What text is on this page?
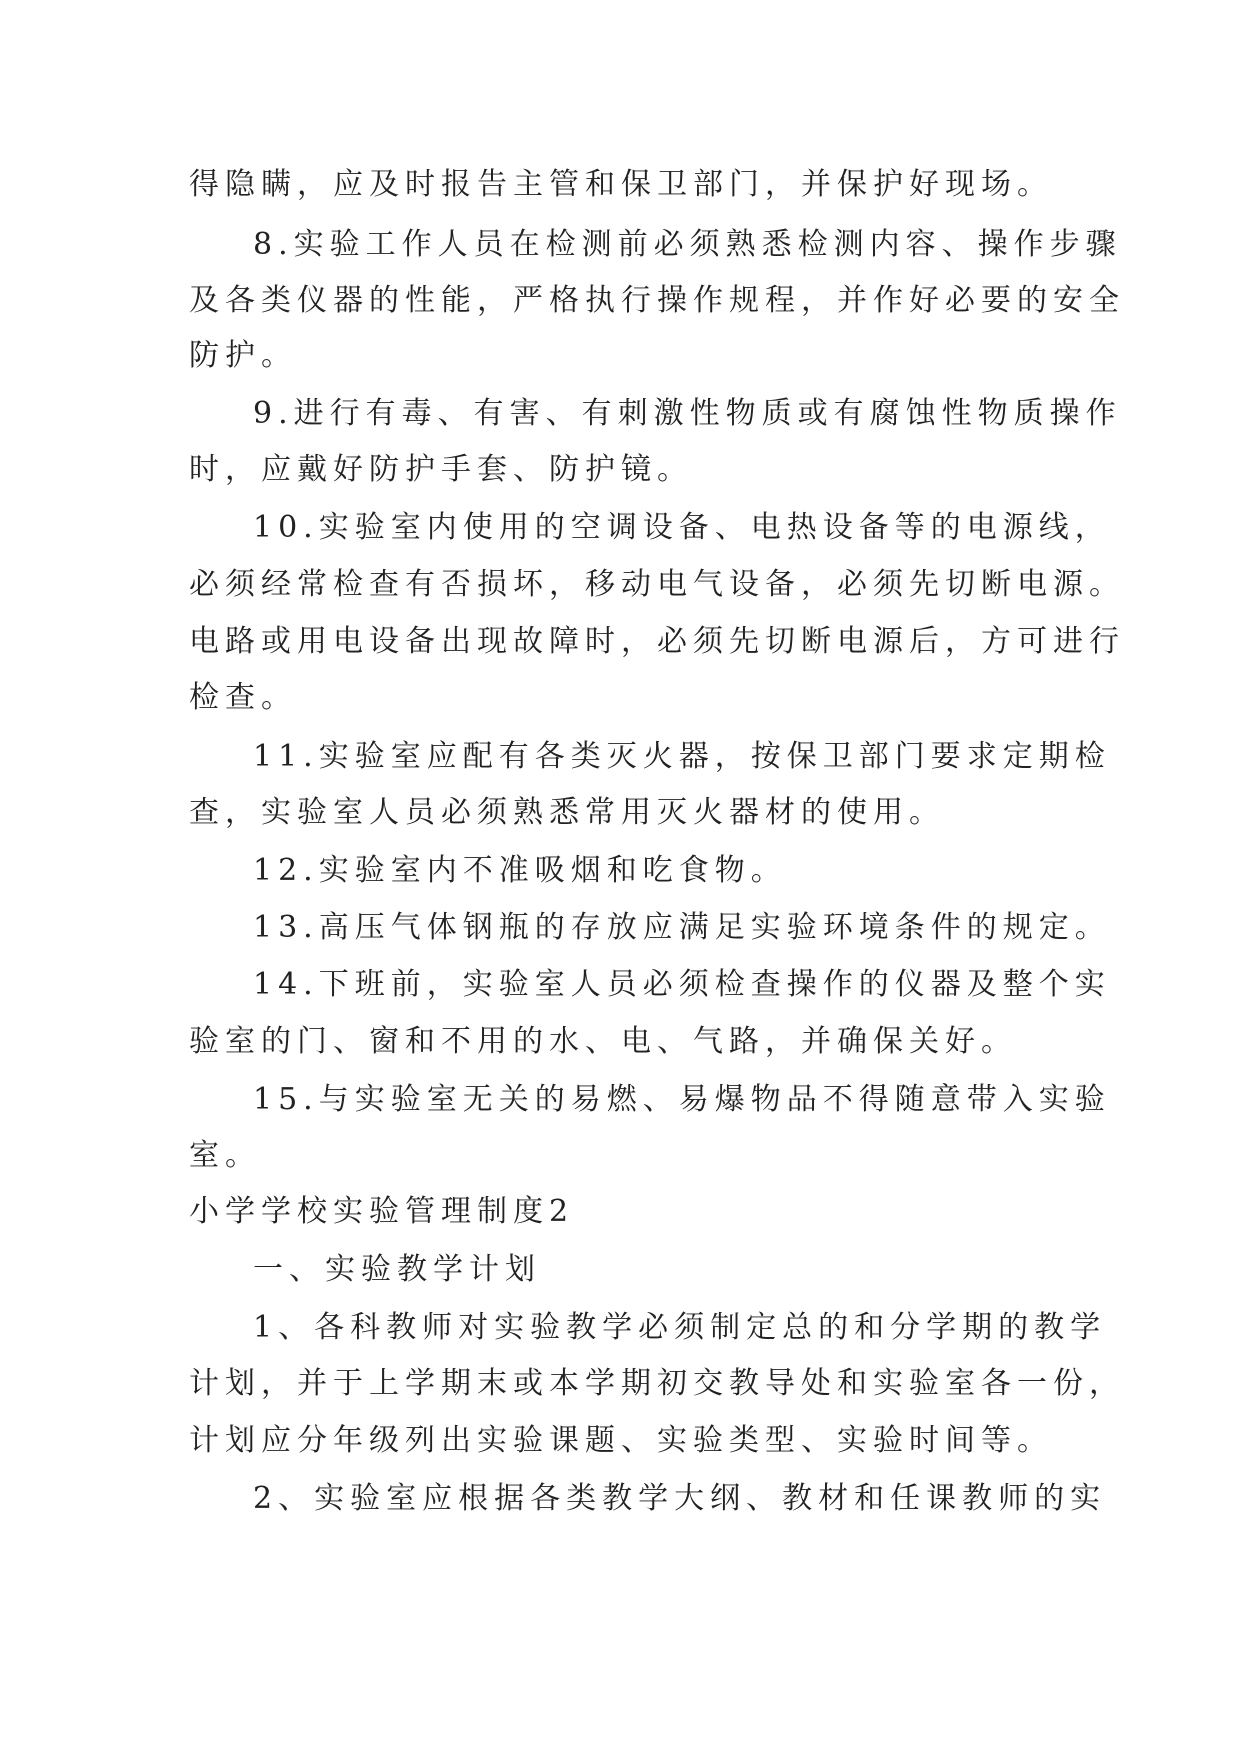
得隐瞒，应及时报告主管和保卫部门，并保护好现场。
8.实验工作人员在检测前必须熟悉检测内容、操作步骤
及各类仪器的性能，严格执行操作规程，并作好必要的安全
防护。
9.进行有毒、有害、有刺激性物质或有腐蚀性物质操作
时，应戴好防护手套、防护镜。
10.实验室内使用的空调设备、电热设备等的电源线，
必须经常检查有否损坏，移动电气设备，必须先切断电源。
电路或用电设备出现故障时，必须先切断电源后，方可进行
检查。
11.实验室应配有各类灭火器，按保卫部门要求定期检
查，实验室人员必须熟悉常用灭火器材的使用。
12.实验室内不准吸烟和吃食物。
13.高压气体钢瓶的存放应满足实验环境条件的规定。
14.下班前，实验室人员必须检查操作的仪器及整个实
验室的门、窗和不用的水、电、气路，并确保关好。
15.与实验室无关的易燃、易爆物品不得随意带入实验
室。
小学学校实验管理制度2
一、实验教学计划
1、各科教师对实验教学必须制定总的和分学期的教学
计划，并于上学期末或本学期初交教导处和实验室各一份，
计划应分年级列出实验课题、实验类型、实验时间等。
2、实验室应根据各类教学大纲、教材和任课教师的实
